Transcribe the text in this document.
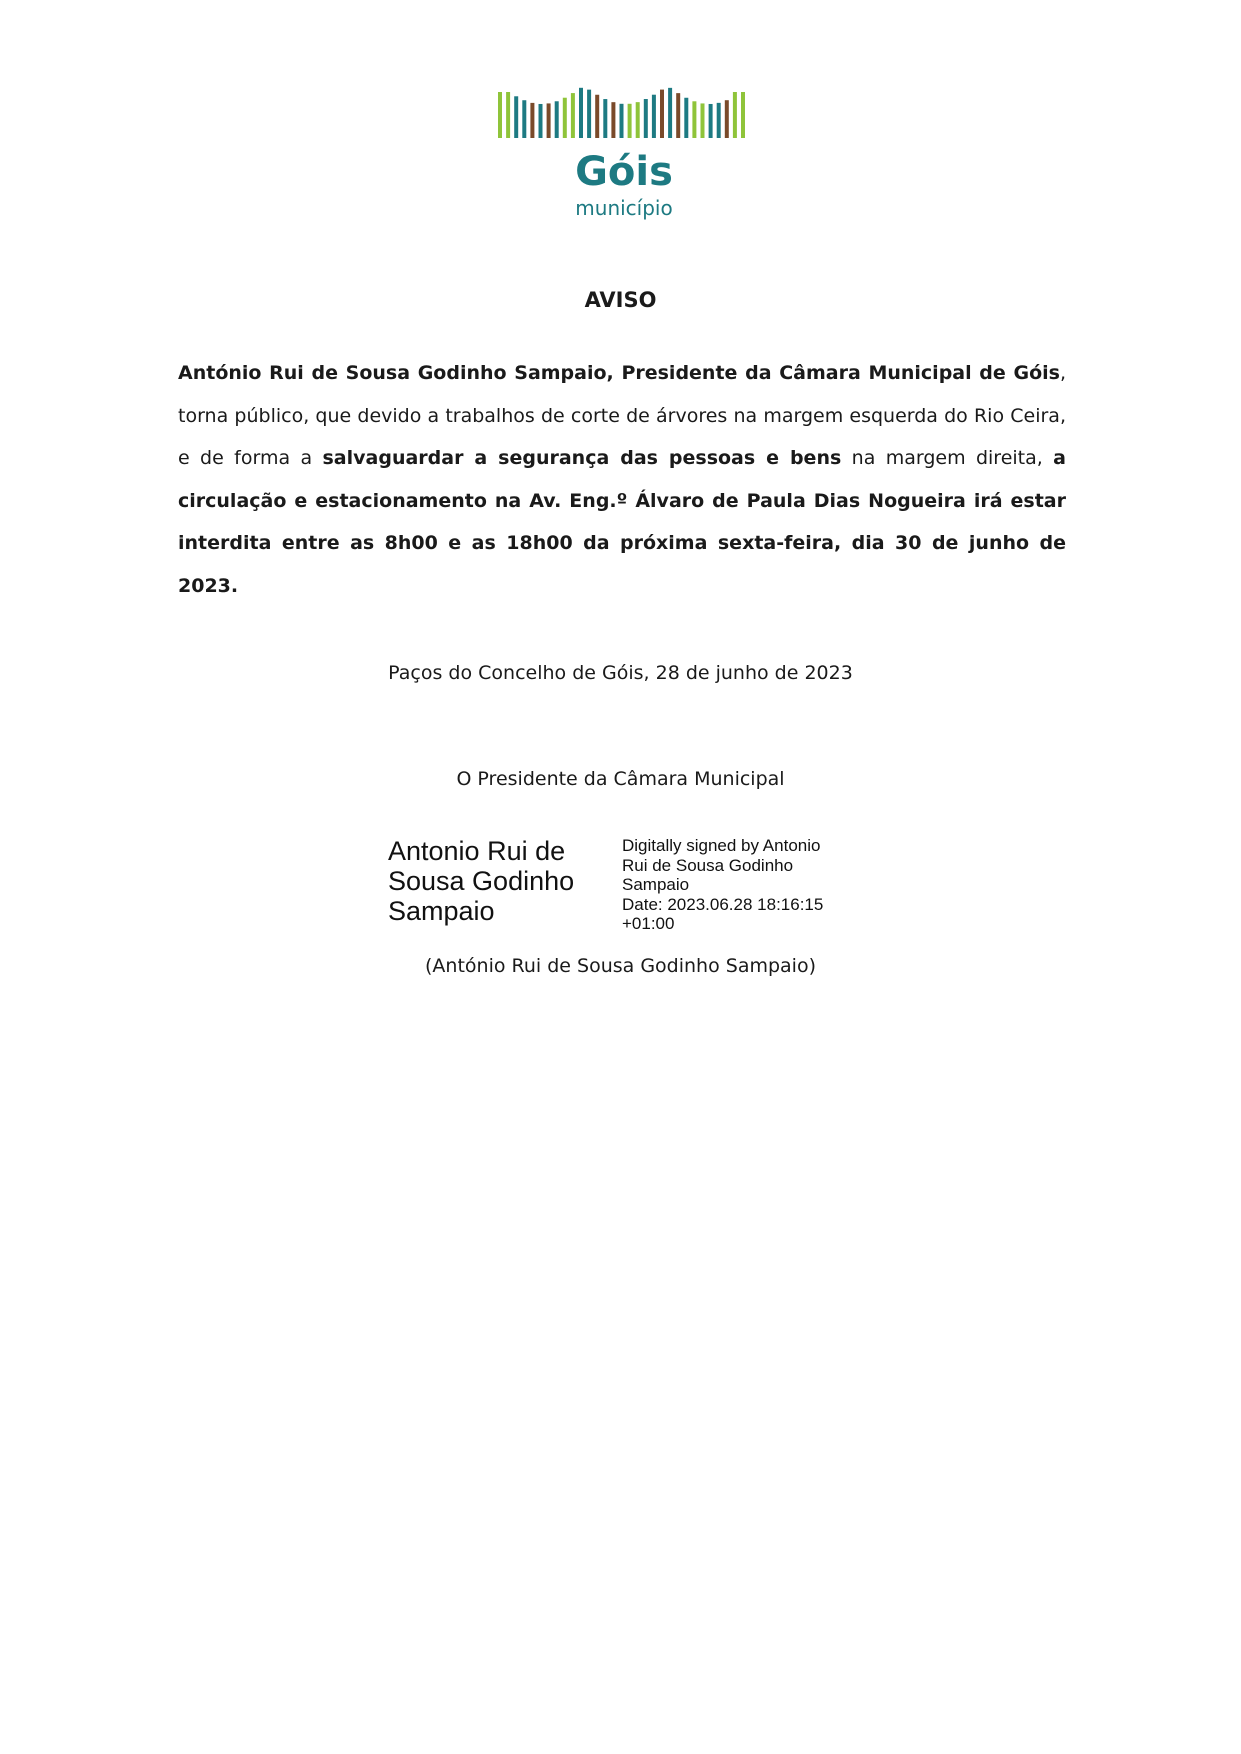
Góis
município
AVISO

António Rui de Sousa Godinho Sampaio, Presidente da Câmara Municipal de Góis, torna público, que devido a trabalhos de corte de árvores na margem esquerda do Rio Ceira, e de forma a salvaguardar a segurança das pessoas e bens na margem direita, a circulação e estacionamento na Av. Eng.º Álvaro de Paula Dias Nogueira irá estar interdita entre as 8h00 e as 18h00 da próxima sexta-feira, dia 30 de junho de 2023.

Paços do Concelho de Góis, 28 de junho de 2023
O Presidente da Câmara Municipal
Antonio Rui de
Sousa Godinho
Sampaio
Digitally signed by Antonio
Rui de Sousa Godinho
Sampaio
Date: 2023.06.28 18:16:15
+01:00
(António Rui de Sousa Godinho Sampaio)
